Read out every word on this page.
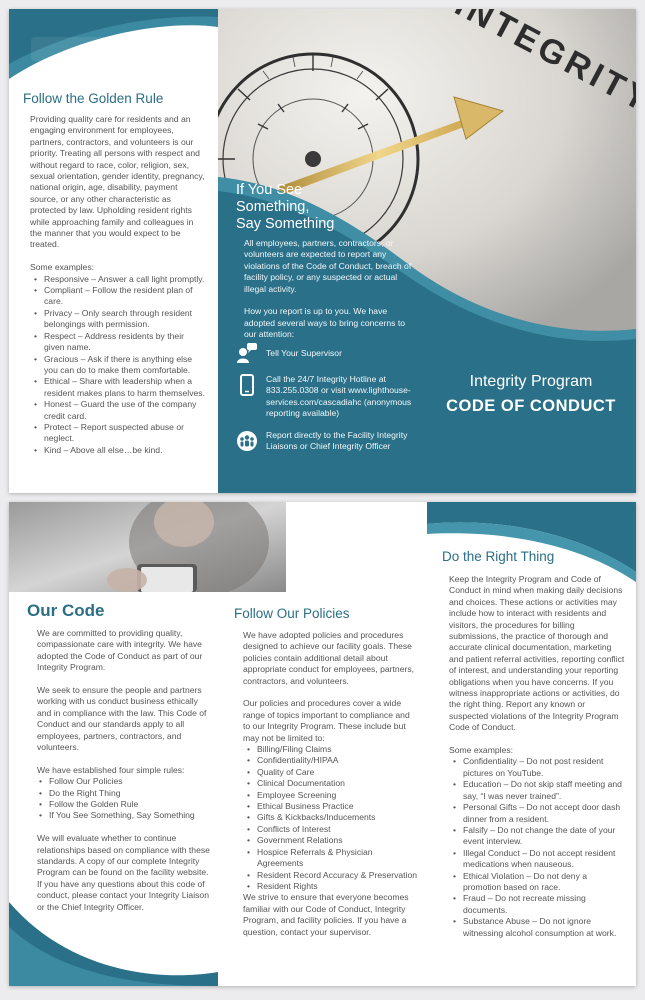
Follow the Golden Rule

Providing quality care for residents and an engaging environment for employees, partners, contractors, and volunteers is our priority. Treating all persons with respect and without regard to race, color, religion, sex, sexual orientation, gender identity, pregnancy, national origin, age, disability, payment source, or any other characteristic as protected by law. Upholding resident rights while approaching family and colleagues in the manner that you would expect to be treated.

Some examples:

• Responsive – Answer a call light promptly.
• Compliant – Follow the resident plan of care.
• Privacy – Only search through resident belongings with permission.
• Respect – Address residents by their given name.
• Gracious – Ask if there is anything else you can do to make them comfortable.
• Ethical – Share with leadership when a resident makes plans to harm themselves.
• Honest – Guard the use of the company credit card.
• Protect – Report suspected abuse or neglect.
• Kind – Above all else…be kind.
If You See
Something,
Say Something

All employees, partners, contractors, or volunteers are expected to report any violations of the Code of Conduct, breach of facility policy, or any suspected or actual illegal activity.

How you report is up to you. We have adopted several ways to bring concerns to our attention:

Tell Your Supervisor
Call the 24/7 Integrity Hotline at 833.255.0308 or visit www.lighthouse-services.com/cascadiahc (anonymous reporting available)
Report directly to the Facility Integrity Liaisons or Chief Integrity Officer
Integrity Program
CODE OF CONDUCT
Our Code

We are committed to providing quality, compassionate care with integrity. We have adopted the Code of Conduct as part of our Integrity Program.

We seek to ensure the people and partners working with us conduct business ethically and in compliance with the law. This Code of Conduct and our standards apply to all employees, partners, contractors, and volunteers.

We have established four simple rules:

• Follow Our Policies
• Do the Right Thing
• Follow the Golden Rule
• If You See Something, Say Something

We will evaluate whether to continue relationships based on compliance with these standards. A copy of our complete Integrity Program can be found on the facility website. If you have any questions about this code of conduct, please contact your Integrity Liaison or the Chief Integrity Officer.

Follow Our Policies

We have adopted policies and procedures designed to achieve our facility goals. These policies contain additional detail about appropriate conduct for employees, partners, contractors, and volunteers.

Our policies and procedures cover a wide range of topics important to compliance and to our Integrity Program. These include but may not be limited to:

• Billing/Filing Claims
• Confidentiality/HIPAA
• Quality of Care
• Clinical Documentation
• Employee Screening
• Ethical Business Practice
• Gifts & Kickbacks/Inducements
• Conflicts of Interest
• Government Relations
• Hospice Referrals & Physician Agreements
• Resident Record Accuracy & Preservation
• Resident Rights

We strive to ensure that everyone becomes familiar with our Code of Conduct, Integrity Program, and facility policies. If you have a question, contact your supervisor.

Do the Right Thing

Keep the Integrity Program and Code of Conduct in mind when making daily decisions and choices. These actions or activities may include how to interact with residents and visitors, the procedures for billing submissions, the practice of thorough and accurate clinical documentation, marketing and patient referral activities, reporting conflict of interest, and understanding your reporting obligations when you have concerns. If you witness inappropriate actions or activities, do the right thing. Report any known or suspected violations of the Integrity Program Code of Conduct.

Some examples:

• Confidentiality – Do not post resident pictures on YouTube.
• Education – Do not skip staff meeting and say, “I was never trained”.
• Personal Gifts – Do not accept door dash dinner from a resident.
• Falsify – Do not change the date of your event interview.
• Illegal Conduct – Do not accept resident medications when nauseous.
• Ethical Violation – Do not deny a promotion based on race.
• Fraud – Do not recreate missing documents.
• Substance Abuse – Do not ignore witnessing alcohol consumption at work.
